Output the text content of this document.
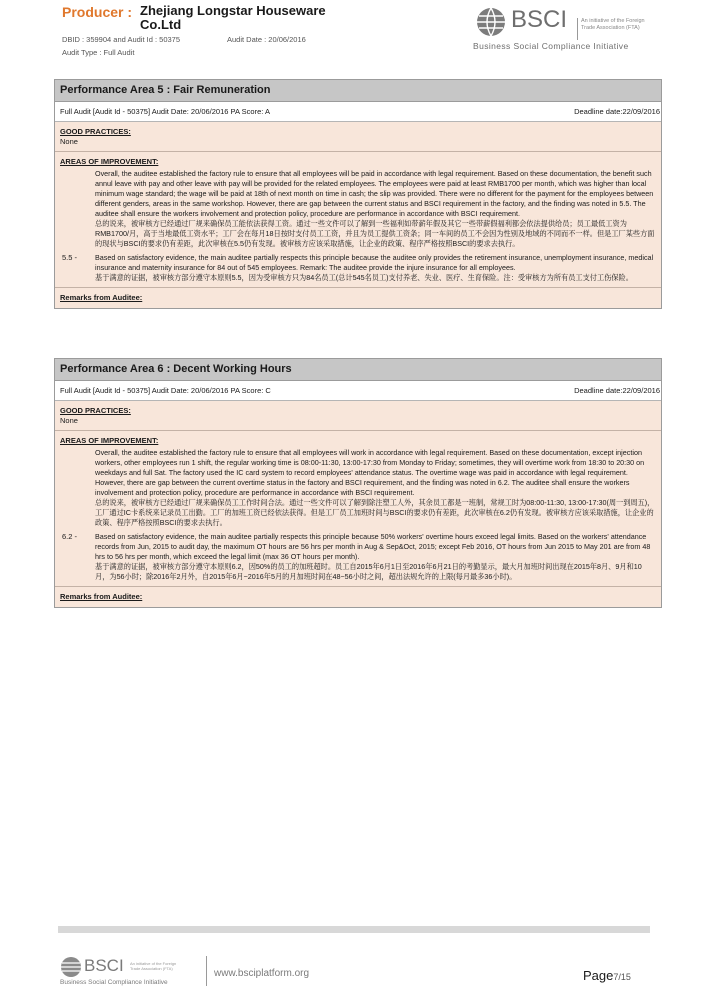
Producer : Zhejiang Longstar Houseware Co.Ltd
DBID : 359904 and Audit Id : 50375	Audit Date : 20/06/2016
Audit Type : Full Audit
BSCI	An initiative of the Foreign
Trade Association (FTA)
Business Social Compliance Initiative
Performance Area 5 : Fair Remuneration
Full Audit [Audit Id - 50375] Audit Date: 20/06/2016 PA Score: A	Deadline date:22/09/2016
GOOD PRACTICES:
None
AREAS OF IMPROVEMENT:
Overall, the auditee established the factory rule to ensure that all employees will be paid in accordance with legal requirement. Based on these documentation, the benefit such annul leave with pay and other leave with pay will be provided for the related employees. The employees were paid at least RMB1700 per month, which was higher than local minimum wage standard; the wage will be paid at 18th of next month on time in cash; the slip was provided. There were no different for the payment for the employees between different genders, areas in the same workshop. However, there are gap between the current status and BSCI requirement in the factory, and the finding was noted in 5.5. The auditee shall ensure the workers involvement and protection policy, procedure are performance in accordance with BSCI requirement.
总的说来，被审核方已经通过厂规来确保员工能依法获得工资。通过一些文件可以了解到一些福利如带薪年假及其它一些带薪假福利都会依法提供给员；员工最低工资为RMB1700/月，高于当地最低工资水平；工厂会在每月18日按时支付员工工资，并且为员工提供工资条；同一车间的员工不会因为性别及地域的不同而不一样。但是工厂某些方面的现状与BSCI的要求仍有差距，此次审核在5.5仍有发现。被审核方应该采取措施，让企业的政策、程序严格按照BSCI的要求去执行。
5.5 -	Based on satisfactory evidence, the main auditee partially respects this principle because the auditee only provides the retirement insurance, unemployment insurance, medical insurance and maternity insurance for 84 out of 545 employees. Remark: The auditee provide the injure insurance for all employees.
基于满意的证据，被审核方部分遵守本原则5.5，因为受审核方只为84名员工(总计545名员工)支付养老、失业、医疗、生育保险。注：受审核方为所有员工支付工伤保险。
Remarks from Auditee:
Performance Area 6 : Decent Working Hours
Full Audit [Audit Id - 50375] Audit Date: 20/06/2016 PA Score: C	Deadline date:22/09/2016
GOOD PRACTICES:
None
AREAS OF IMPROVEMENT:
Overall, the auditee established the factory rule to ensure that all employees will work in accordance with legal requirement. Based on these documentation, except injection workers, other employees run 1 shift, the regular working time is 08:00-11:30, 13:00-17:30 from Monday to Friday; sometimes, they will overtime work from 18:30 to 20:30 on weekdays and full Sat. The factory used the IC card system to record employees' attendance status. The overtime wage was paid in accordance with legal requirement. However, there are gap between the current overtime status in the factory and BSCI requirement, and the finding was noted in 6.2. The auditee shall ensure the workers involvement and protection policy, procedure are performance in accordance with BSCI requirement.
总的说来，被审核方已经通过厂规来确保员工工作时间合法。通过一些文件可以了解到除注塑工人外，其余员工都是一班制，常规工时为08:00-11:30, 13:00-17:30(周一到周五)，工厂通过IC卡系统来记录员工出勤。工厂的加班工资已经依法获得。但是工厂员工加班时间与BSCI的要求仍有差距，此次审核在6.2仍有发现。被审核方应该采取措施，让企业的政策、程序严格按照BSCI的要求去执行。
6.2 -	Based on satisfactory evidence, the main auditee partially respects this principle because 50% workers' overtime hours exceed legal limits. Based on the workers' attendance records from Jun, 2015 to audit day, the maximum OT hours are 56 hrs per month in Aug & Sep&Oct, 2015; except Feb 2016, OT hours from Jun 2015 to May 201 are from 48 hrs to 56 hrs per month, which exceed the legal limit (max 36 OT hours per month).
基于满意的证据，被审核方部分遵守本原则6.2，因50%的员工的加班超时。员工自2015年6月1日至2016年6月21日的考勤显示，最大月加班时间出现在2015年8月、9月和10月，为56小时；除2016年2月外，自2015年6月~2016年5月的月加班时间在48~56小时之间，超出法规允许的上限(每月最多36小时)。
Remarks from Auditee:
BSCI An initiative of the Foreign
Trade Association (FTA)
Business Social Compliance Initiative
www.bsciplatform.org	Page7/15
